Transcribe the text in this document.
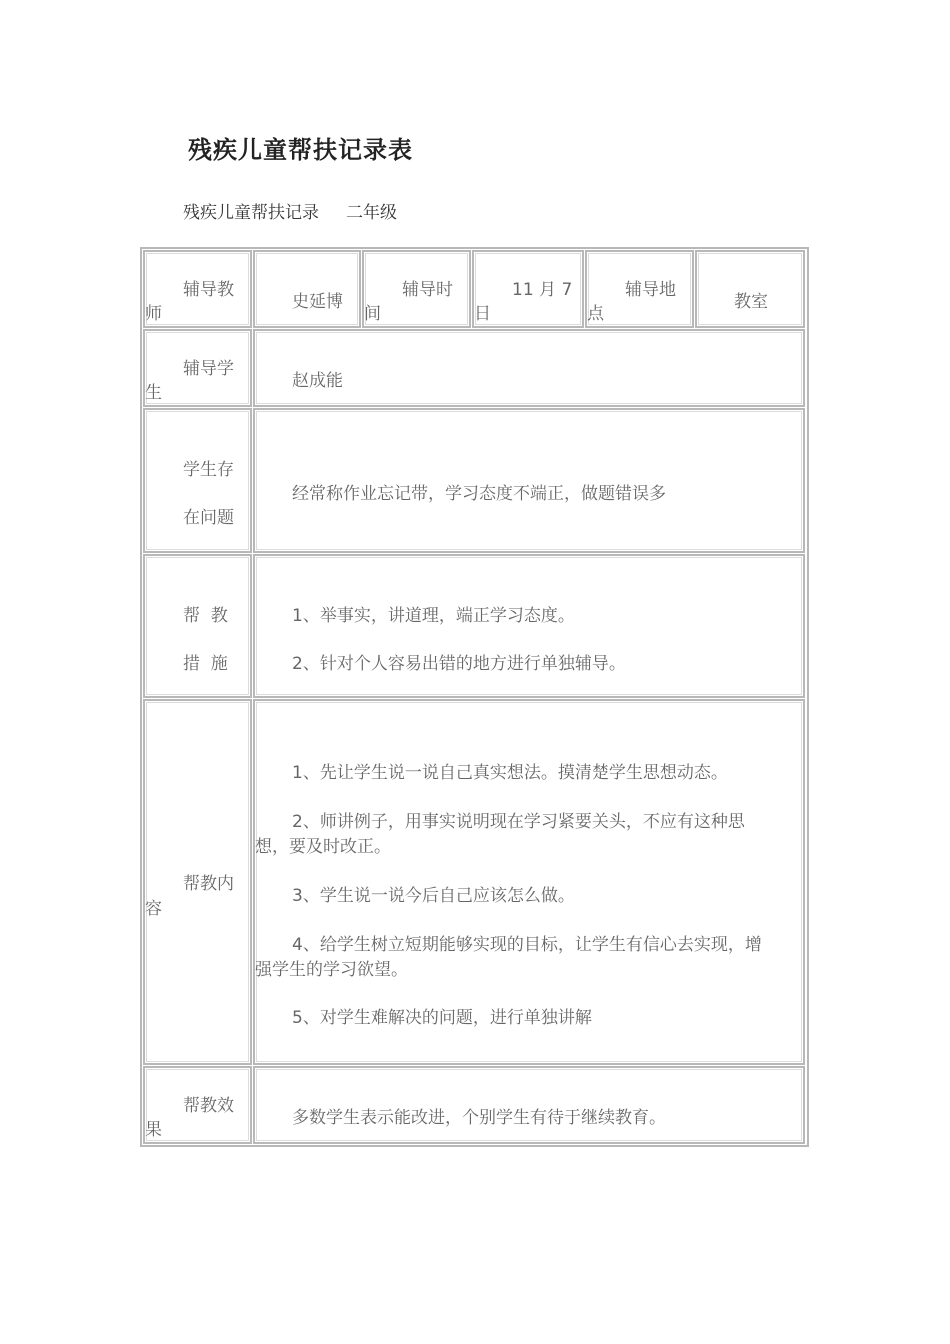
残疾儿童帮扶记录表
残疾儿童帮扶记录     二年级
辅导教
师
史延博
辅导时
间
11 月 7
日
辅导地
点
教室
辅导学
生
赵成能
学生存
在问题
经常称作业忘记带，学习态度不端正，做题错误多
帮  教
措  施
1、举事实，讲道理，端正学习态度。
2、针对个人容易出错的地方进行单独辅导。
帮教内
容
1、先让学生说一说自己真实想法。摸清楚学生思想动态。
2、师讲例子，用事实说明现在学习紧要关头，不应有这种思
想，要及时改正。
3、学生说一说今后自己应该怎么做。
4、给学生树立短期能够实现的目标，让学生有信心去实现，增
强学生的学习欲望。
5、对学生难解决的问题，进行单独讲解
帮教效
果
多数学生表示能改进，个别学生有待于继续教育。
